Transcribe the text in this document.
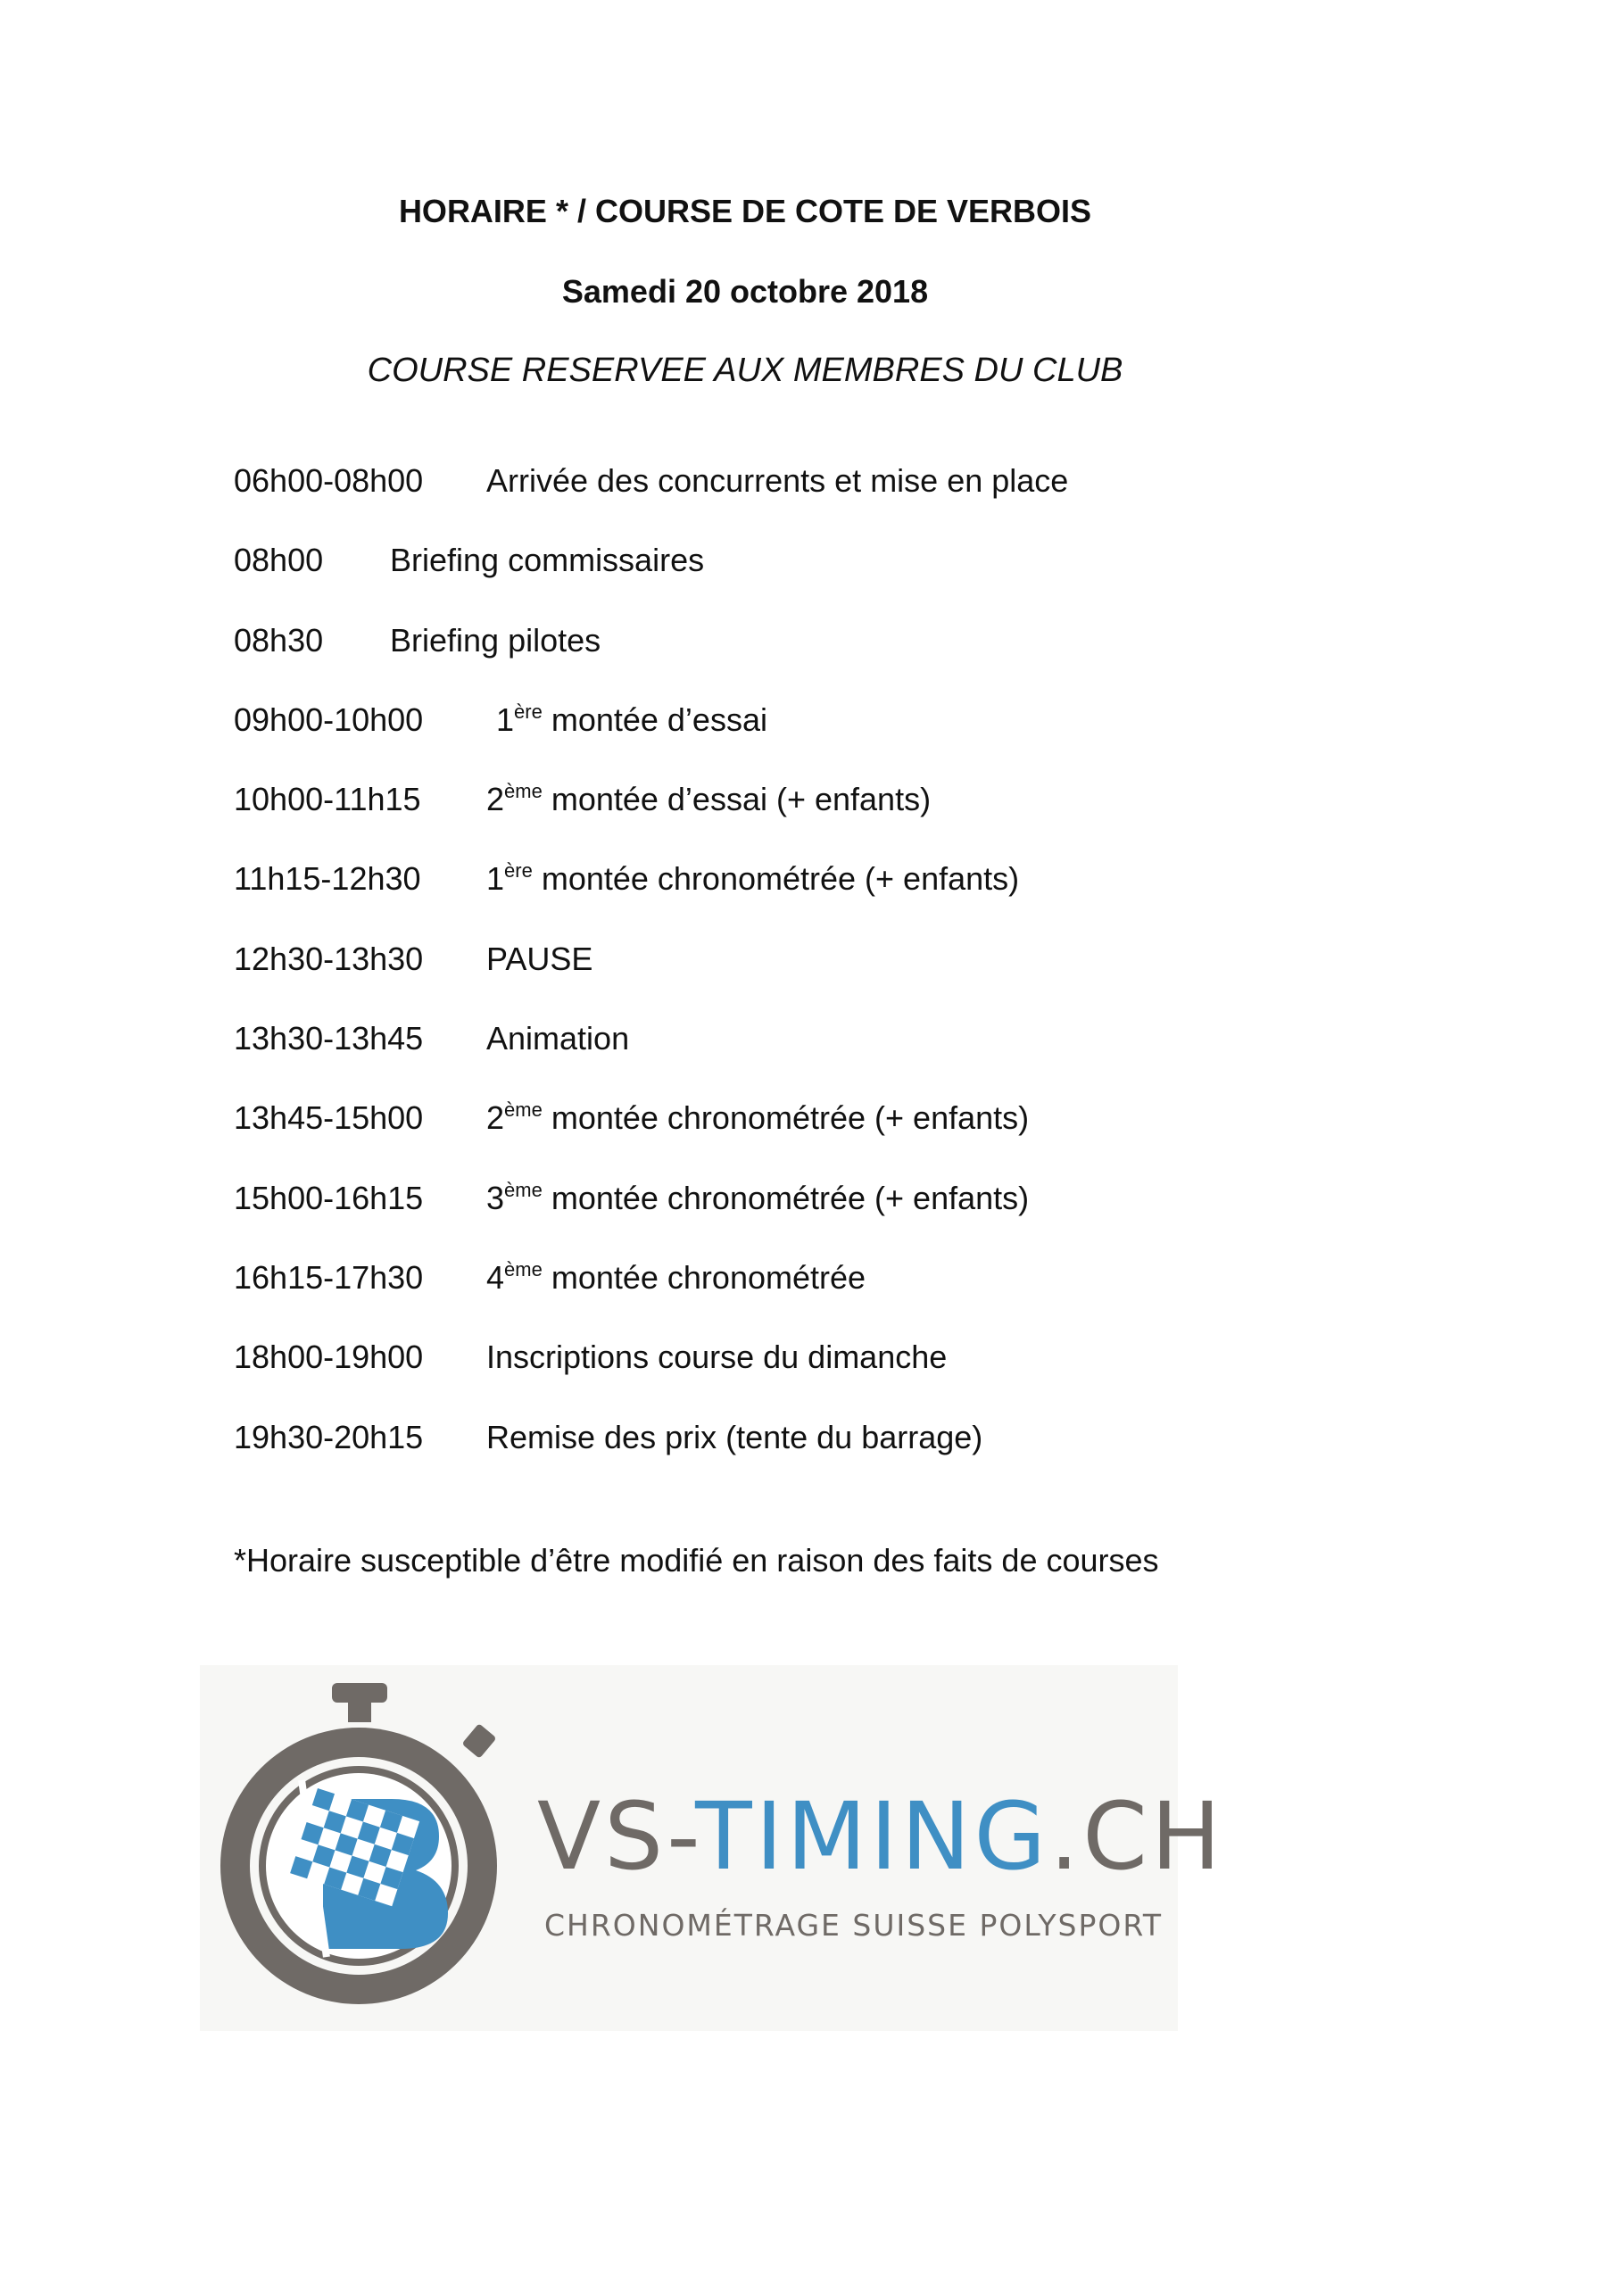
HORAIRE * / COURSE DE COTE DE VERBOIS
Samedi 20 octobre 2018
COURSE RESERVEE AUX MEMBRES DU CLUB
06h00-08h00 Arrivée des concurrents et mise en place
08h00 Briefing commissaires
08h30 Briefing pilotes
09h00-10h00 1ère montée d’essai
10h00-11h15 2ème montée d’essai (+ enfants)
11h15-12h30 1ère montée chronométrée (+ enfants)
12h30-13h30 PAUSE
13h30-13h45 Animation
13h45-15h00 2ème montée chronométrée (+ enfants)
15h00-16h15 3ème montée chronométrée (+ enfants)
16h15-17h30 4ème montée chronométrée
18h00-19h00 Inscriptions course du dimanche
19h30-20h15 Remise des prix (tente du barrage)
*Horaire susceptible d’être modifié en raison des faits de courses
VS-TIMING.CH
CHRONOMÉTRAGE SUISSE POLYSPORT
